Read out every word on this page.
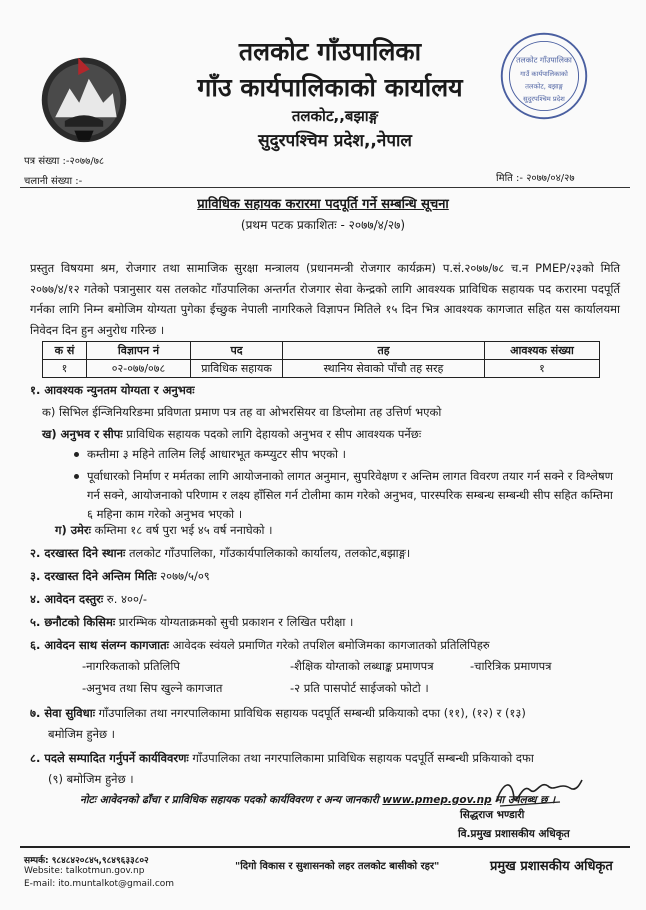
तलकोट गाँउपालिका
गाउँ कार्यपालिकाको
तलकोट, बझाङ्ग
सुदुरपश्चिम प्रदेश
तलकोट गाँउपालिका
गाँउ कार्यपालिकाको कार्यालय
तलकोट,,बझाङ्ग
सुदुरपश्चिम प्रदेश,,नेपाल
पत्र संख्या :-२०७७/७८
चलानी संख्या :-	मिति :- २०७७/०४/२७
प्राविधिक सहायक करारमा पदपूर्ति गर्ने सम्बन्धि सूचना
(प्रथम पटक प्रकाशितः - २०७७/४/२७)
प्रस्तुत विषयमा श्रम, रोजगार तथा सामाजिक सुरक्षा मन्त्रालय (प्रधानमन्त्री रोजगार कार्यक्रम) प.सं.२०७७/७८ च.न PMEP/२३को मिति २०७७/४/१२ गतेको पत्रानुसार यस तलकोट गाँउपालिका अन्तर्गत रोजगार सेवा केन्द्रको लागि आवश्यक प्राविधिक सहायक पद करारमा पदपूर्ति गर्नका लागि निम्न बमोजिम योग्यता पुगेका ईच्छुक नेपाली नागरिकले विज्ञापन मितिले १५ दिन भित्र आवश्यक कागजात सहित यस कार्यालयमा निवेदन दिन हुन अनुरोध गरिन्छ ।
क सं	विज्ञापन नं	पद	तह	आवश्यक संख्या
१	०२-०७७/०७८	प्राविधिक सहायक	स्थानिय सेवाको पाँचौ तह सरह	१
१. आवश्यक न्युनतम योग्यता र अनुभवः
क) सिभिल ईन्जिनियरिङमा प्रविणता प्रमाण पत्र तह वा ओभरसियर वा डिप्लोमा तह उत्तिर्ण भएको
ख) अनुभव र सीपः प्राविधिक सहायक पदको लागि देहायको अनुभव र सीप आवश्यक पर्नेछः
कम्तीमा ३ महिने तालिम लिई आधारभूत कम्प्युटर सीप भएको ।
पूर्वाधारको निर्माण र मर्मतका लागि आयोजनाको लागत अनुमान, सुपरिवेक्षण र अन्तिम लागत विवरण तयार गर्न सक्ने र विश्लेषण गर्न सक्ने, आयोजनाको परिणाम र लक्ष्य हाँसिल गर्न टोलीमा काम गरेको अनुभव, पारस्परिक सम्बन्ध सम्बन्धी सीप सहित कम्तिमा ६ महिना काम गरेको अनुभव भएको ।
ग) उमेरः कम्तिमा १८ वर्ष पुरा भई ४५ वर्ष ननाघेको ।
२. दरखास्त दिने स्थानः तलकोट गाँउपालिका, गाँउकार्यपालिकाको कार्यालय, तलकोट,बझाङ्ग।
३. दरखास्त दिने अन्तिम मितिः २०७७/५/०९
४. आवेदन दस्तुरः रु. ४००/-
५. छनौटको किसिमः प्रारम्भिक योग्यताक्रमको सुची प्रकाशन र लिखित परीक्षा ।
६. आवेदन साथ संलग्न कागजातः आवेदक स्वंयले प्रमाणित गरेको तपशिल बमोजिमका कागजातको प्रतिलिपिहरु
-नागरिकताको प्रतिलिपि	-शैक्षिक योग्ताको लब्धाङ्क प्रमाणपत्र	-चारित्रिक प्रमाणपत्र
-अनुभव तथा सिप खुल्ने कागजात	-२ प्रति पासपोर्ट साईजको फोटो ।
७. सेवा सुविधाः गाँउपालिका तथा नगरपालिकामा प्राविधिक सहायक पदपूर्ति सम्बन्धी प्रकियाको दफा (११), (१२) र (१३)
बमोजिम हुनेछ ।
८. पदले सम्पादित गर्नुपर्ने कार्यविवरणः गाँउपालिका तथा नगरपालिकामा प्राविधिक सहायक पदपूर्ति सम्बन्धी प्रकियाको दफा
(९) बमोजिम हुनेछ ।
नोटः आवेदनको ढाँचा र प्राविधिक सहायक पदको कार्यविवरण र अन्य जानकारी www.pmep.gov.np मा उपलब्ध छ ।
सिद्धराज भण्डारी
वि.प्रमुख प्रशासकीय अधिकृत
सम्पर्क: ९८४८४२०८४५,९८४९६३३८०२
Website: talkotmun.gov.np
E-mail: ito.muntalkot@gmail.com
"दिगो विकास र सुशासनको लहर तलकोट बासीको रहर"	प्रमुख प्रशासकीय अधिकृत
